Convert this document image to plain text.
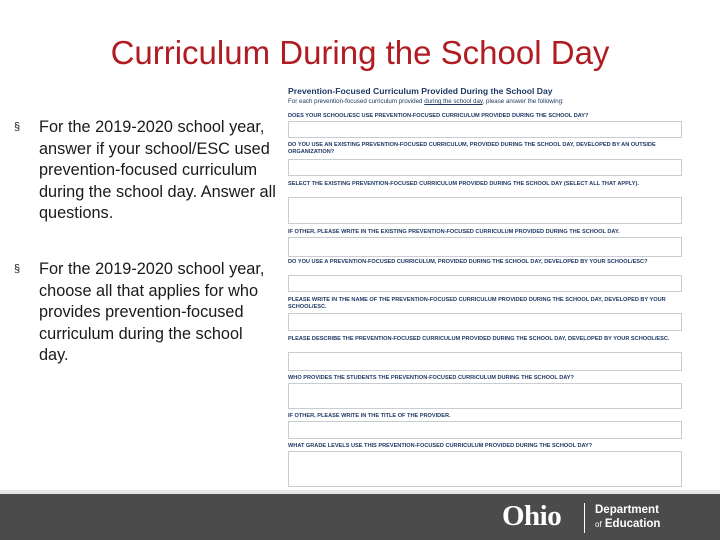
Curriculum During the School Day
§ For the 2019-2020 school year, answer if your school/ESC used prevention-focused curriculum during the school day. Answer all questions.
§ For the 2019-2020 school year, choose all that applies for who provides prevention-focused curriculum during the school day.
Prevention-Focused Curriculum Provided During the School Day
For each prevention-focused curriculum provided during the school day, please answer the following:
DOES YOUR SCHOOL/ESC USE PREVENTION-FOCUSED CURRICULUM PROVIDED DURING THE SCHOOL DAY?
DO YOU USE AN EXISTING PREVENTION-FOCUSED CURRICULUM, PROVIDED DURING THE SCHOOL DAY, DEVELOPED BY AN OUTSIDE ORGANIZATION?
SELECT THE EXISTING PREVENTION-FOCUSED CURRICULUM PROVIDED DURING THE SCHOOL DAY (SELECT ALL THAT APPLY).
IF OTHER, PLEASE WRITE IN THE EXISTING PREVENTION-FOCUSED CURRICULUM PROVIDED DURING THE SCHOOL DAY.
DO YOU USE A PREVENTION-FOCUSED CURRICULUM, PROVIDED DURING THE SCHOOL DAY, DEVELOPED BY YOUR SCHOOL/ESC?
PLEASE WRITE IN THE NAME OF THE PREVENTION-FOCUSED CURRICULUM PROVIDED DURING THE SCHOOL DAY, DEVELOPED BY YOUR SCHOOL/ESC.
PLEASE DESCRIBE THE PREVENTION-FOCUSED CURRICULUM PROVIDED DURING THE SCHOOL DAY, DEVELOPED BY YOUR SCHOOL/ESC.
WHO PROVIDES THE STUDENTS THE PREVENTION-FOCUSED CURRICULUM DURING THE SCHOOL DAY?
IF OTHER, PLEASE WRITE IN THE TITLE OF THE PROVIDER.
WHAT GRADE LEVELS USE THIS PREVENTION-FOCUSED CURRICULUM PROVIDED DURING THE SCHOOL DAY?
Ohio	Department
of Education
